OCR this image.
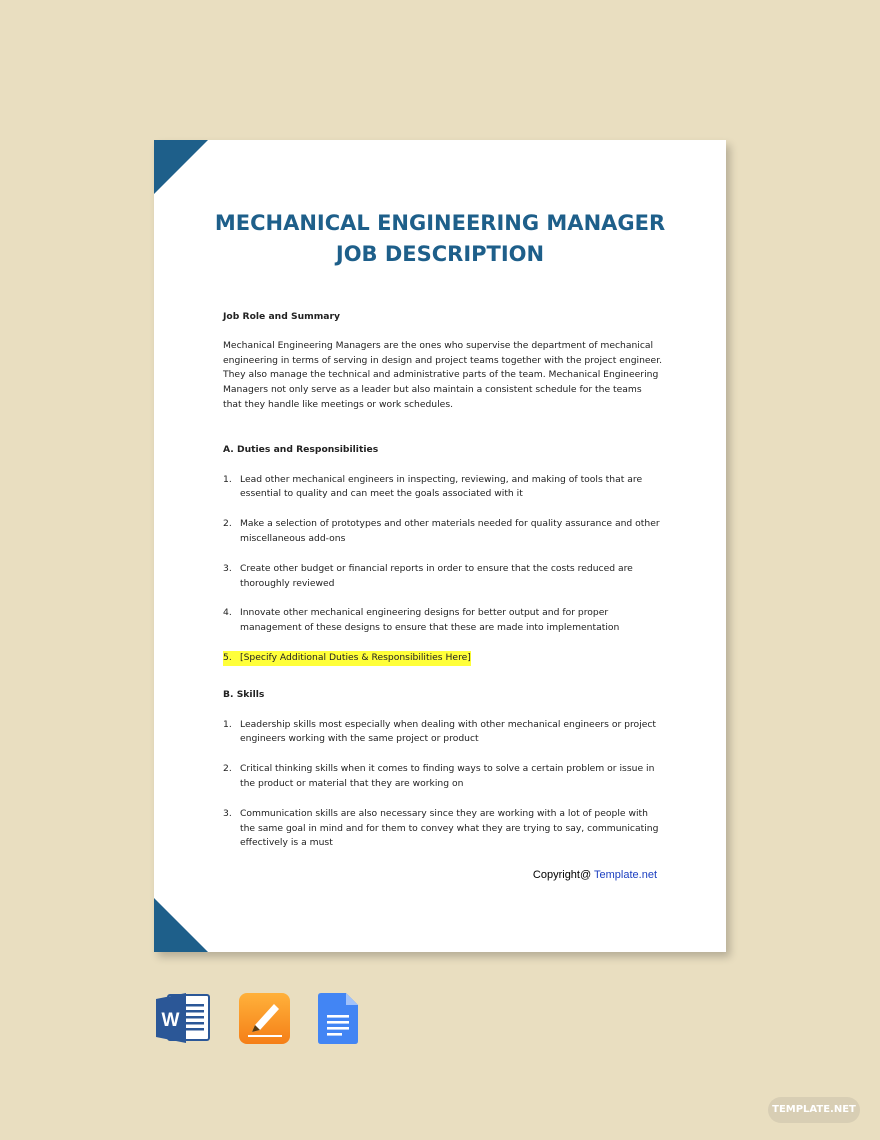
MECHANICAL ENGINEERING MANAGER
JOB DESCRIPTION

Job Role and Summary

Mechanical Engineering Managers are the ones who supervise the department of mechanical engineering in terms of serving in design and project teams together with the project engineer. They also manage the technical and administrative parts of the team. Mechanical Engineering Managers not only serve as a leader but also maintain a consistent schedule for the teams that they handle like meetings or work schedules.

A. Duties and Responsibilities

1. Lead other mechanical engineers in inspecting, reviewing, and making of tools that are essential to quality and can meet the goals associated with it
2. Make a selection of prototypes and other materials needed for quality assurance and other miscellaneous add-ons
3. Create other budget or financial reports in order to ensure that the costs reduced are thoroughly reviewed
4. Innovate other mechanical engineering designs for better output and for proper management of these designs to ensure that these are made into implementation
5. [Specify Additional Duties & Responsibilities Here]

B. Skills

1. Leadership skills most especially when dealing with other mechanical engineers or project engineers working with the same project or product
2. Critical thinking skills when it comes to finding ways to solve a certain problem or issue in the product or material that they are working on
3. Communication skills are also necessary since they are working with a lot of people with the same goal in mind and for them to convey what they are trying to say, communicating effectively is a must
Copyright@ Template.net
W
TEMPLATE.NET
